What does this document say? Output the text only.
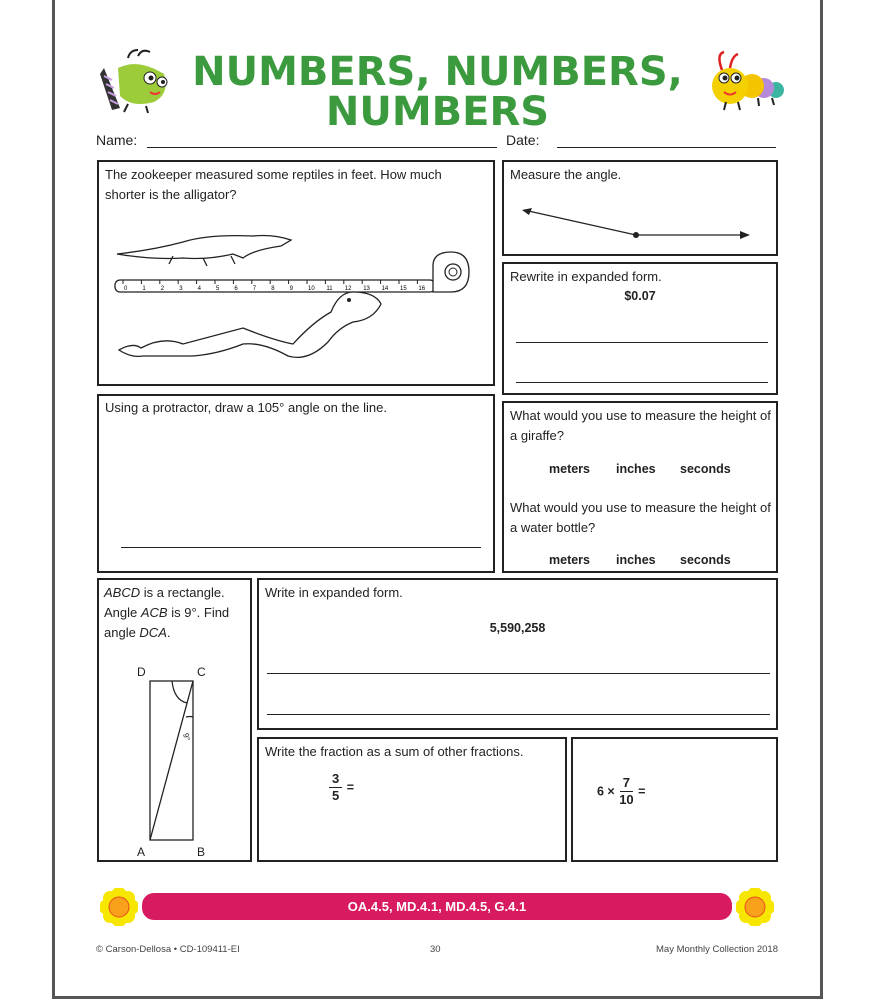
NUMBERS, NUMBERS,
NUMBERS
Name:	Date:
The zookeeper measured some reptiles in feet. How much shorter is the alligator?
0	1	2	3	4	5	6	7	8	9	10 11 12 13 14 15 16
Measure the angle.
Rewrite in expanded form.
$0.07
Using a protractor, draw a 105° angle on the line.
What would you use to measure the height of a giraffe?
meters inches seconds
What would you use to measure the height of a water bottle?
meters inches seconds
ABCD is a rectangle. Angle ACB is 9°. Find angle DCA.
9°
D	C
A	B
Write in expanded form.
5,590,258
Write the fraction as a sum of other fractions.
$\frac{3}{5}$ =	$6 \times \frac{7}{10}$ =
OA.4.5, MD.4.1, MD.4.5, G.4.1
© Carson-Dellosa • CD-109411-EI	30	May Monthly Collection 2018
